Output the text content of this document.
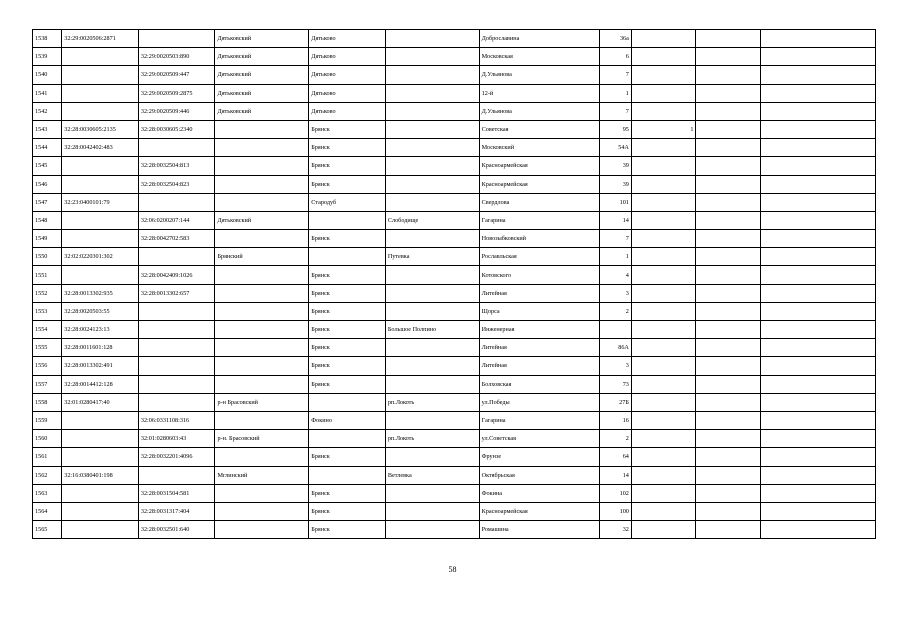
1538	32:29:0020506:2871		Дятьковский	Дятьково		Доброславина	36а			
1539		32:29:0020503:890	Дятьковский	Дятьково		Московская	6			
1540		32:29:0020509:447	Дятьковский	Дятьково		Д.Ульянова	7			
1541		32:29:0020509:2875	Дятьковский	Дятьково		12-й	1			
1542		32:29:0020509:446	Дятьковский	Дятьково		Д.Ульянова	7			
1543	32:28:0030605:2135	32:28:0030605:2340		Брянск		Советская	95	1		
1544	32:28:0042402:483			Брянск		Московский	54А			
1545		32:28:0032504:813		Брянск		Красноармейская	39			
1546		32:28:0032504:823		Брянск		Красноармейская	39			
1547	32:23:0400101:79			Стародуб		Свердлова	101			
1548		32:06:0200207:144	Дятьковский		Слободище	Гагарина	14			
1549		32:28:0042702:583		Брянск		Новозыбковский	7			
1550	32:02:0220301:302		Брянский		Путевка	Рославльская	1			
1551		32:28:0042409:1026		Брянск		Котовского	4			
1552	32:28:0013302:935	32:28:0013302:657		Брянск		Литейная	3			
1553	32:28:0020503:55			Брянск		Щорса	2			
1554	32:28:0024123:13			Брянск	Большое Полпино	Инженерная				
1555	32:28:0011601:128			Брянск		Литейная	86А			
1556	32:28:0013302:491			Брянск		Литейная	3			
1557	32:28:0014412:128			Брянск		Болховская	73			
1558	32:01:0280417:40		р-н Брасовский		рп.Локоть	ул.Победы	27Б			
1559		32:06:0331108:316		Фокино		Гагарина	16			
1560		32:01:0280603:43	р-н. Брасовский		рп.Локоть	ул.Советская	2			
1561		32:28:0032201:4096		Брянск		Фрунзе	64			
1562	32:16:0380401:198		Мглинский		Ветлевка	Октябрьская	14			
1563		32:28:0031504:581		Брянск		Фокина	102			
1564		32:28:0031317:404		Брянск		Красноармейская	100			
1565		32:28:0032501:640		Брянск		Ромашина	32			
58
